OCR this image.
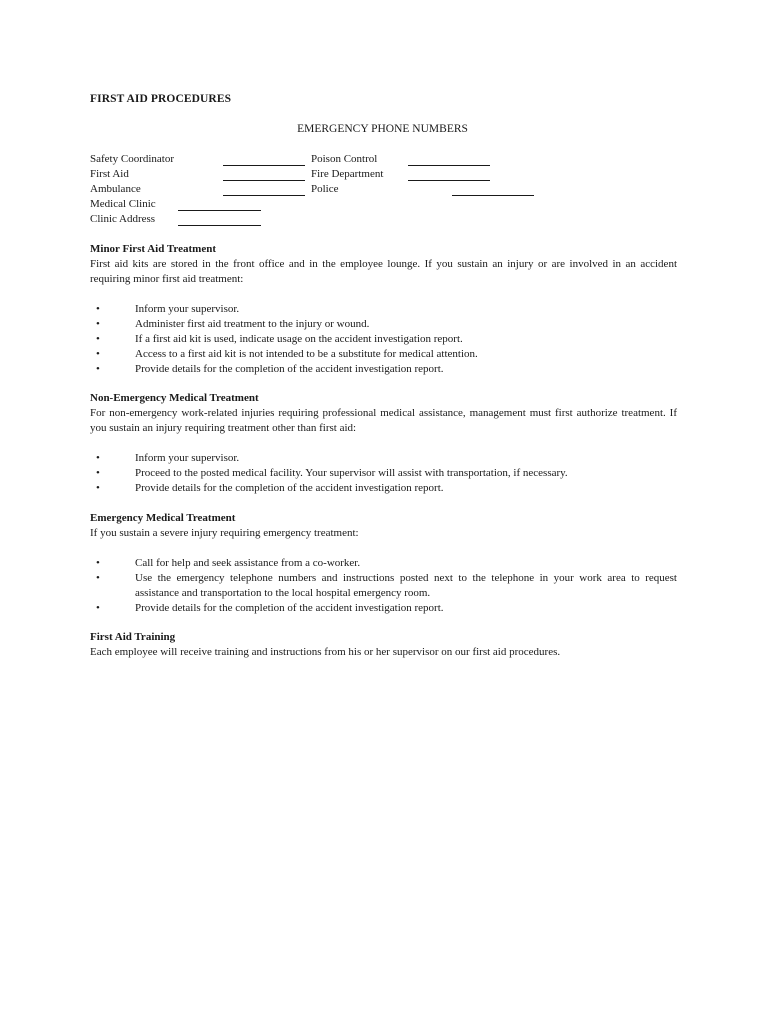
FIRST AID PROCEDURES
EMERGENCY PHONE NUMBERS
Safety Coordinator	Poison Control
First Aid	Fire Department
Ambulance	Police
Medical Clinic
Clinic Address
Minor First Aid Treatment
First aid kits are stored in the front office and in the employee lounge. If you sustain an injury or are involved in an accident requiring minor first aid treatment:
•	Inform your supervisor.
•	Administer first aid treatment to the injury or wound.
•	If a first aid kit is used, indicate usage on the accident investigation report.
•	Access to a first aid kit is not intended to be a substitute for medical attention.
•	Provide details for the completion of the accident investigation report.
Non-Emergency Medical Treatment
For non-emergency work-related injuries requiring professional medical assistance, management must first authorize treatment. If you sustain an injury requiring treatment other than first aid:
•	Inform your supervisor.
•	Proceed to the posted medical facility. Your supervisor will assist with transportation, if necessary.
•	Provide details for the completion of the accident investigation report.
Emergency Medical Treatment
If you sustain a severe injury requiring emergency treatment:
•	Call for help and seek assistance from a co-worker.
•	Use the emergency telephone numbers and instructions posted next to the telephone in your work area to request assistance and transportation to the local hospital emergency room.
•	Provide details for the completion of the accident investigation report.
First Aid Training
Each employee will receive training and instructions from his or her supervisor on our first aid procedures.
